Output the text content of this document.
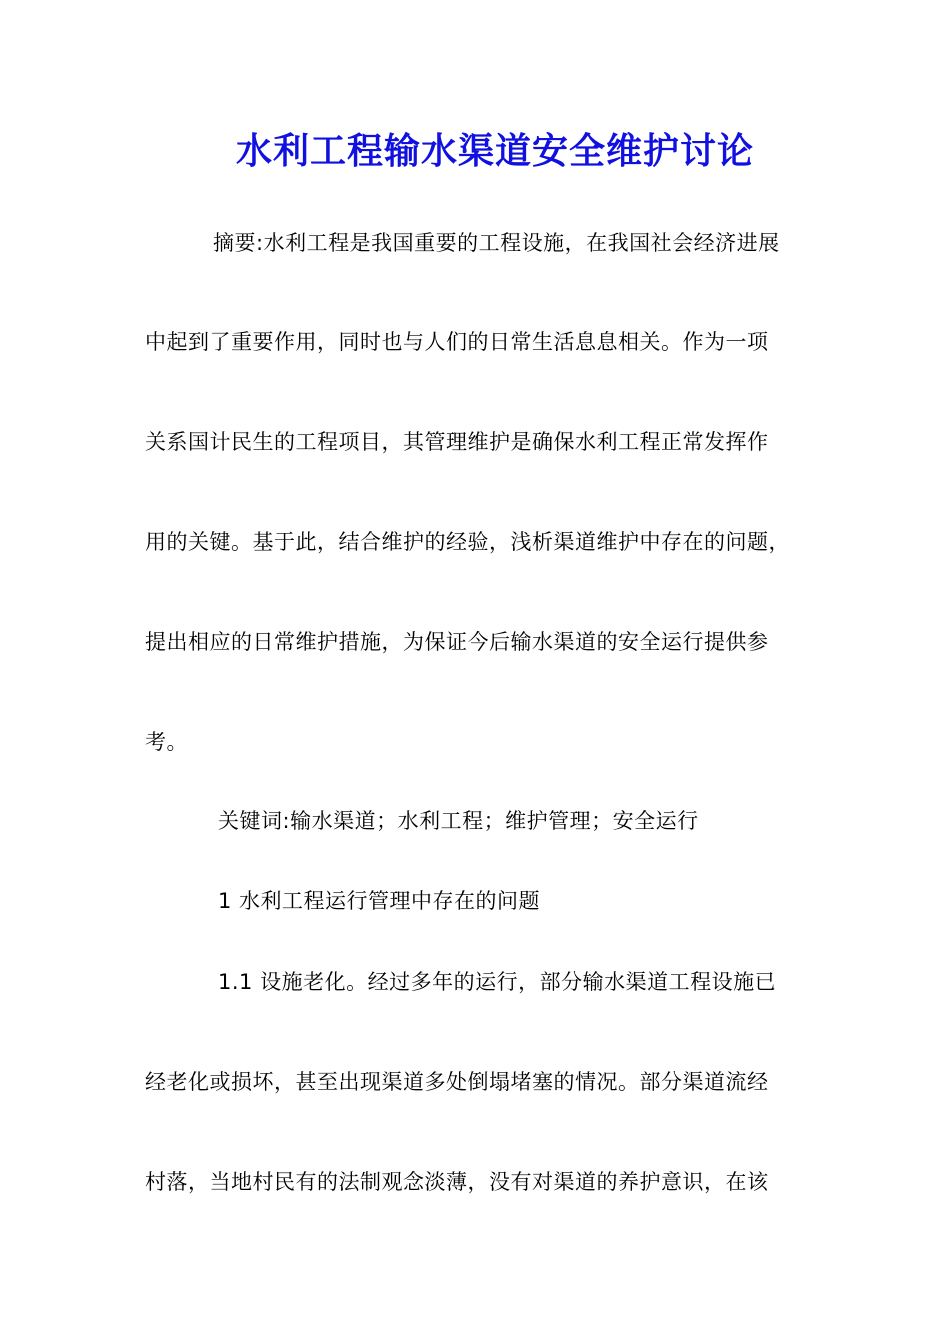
水利工程输水渠道安全维护讨论
摘要:水利工程是我国重要的工程设施，在我国社会经济进展
中起到了重要作用，同时也与人们的日常生活息息相关。作为一项
关系国计民生的工程项目，其管理维护是确保水利工程正常发挥作
用的关键。基于此，结合维护的经验，浅析渠道维护中存在的问题，
提出相应的日常维护措施，为保证今后输水渠道的安全运行提供参
考。
关键词:输水渠道；水利工程；维护管理；安全运行
1 水利工程运行管理中存在的问题
1.1 设施老化。经过多年的运行，部分输水渠道工程设施已
经老化或损坏，甚至出现渠道多处倒塌堵塞的情况。部分渠道流经
村落，当地村民有的法制观念淡薄，没有对渠道的养护意识，在该
